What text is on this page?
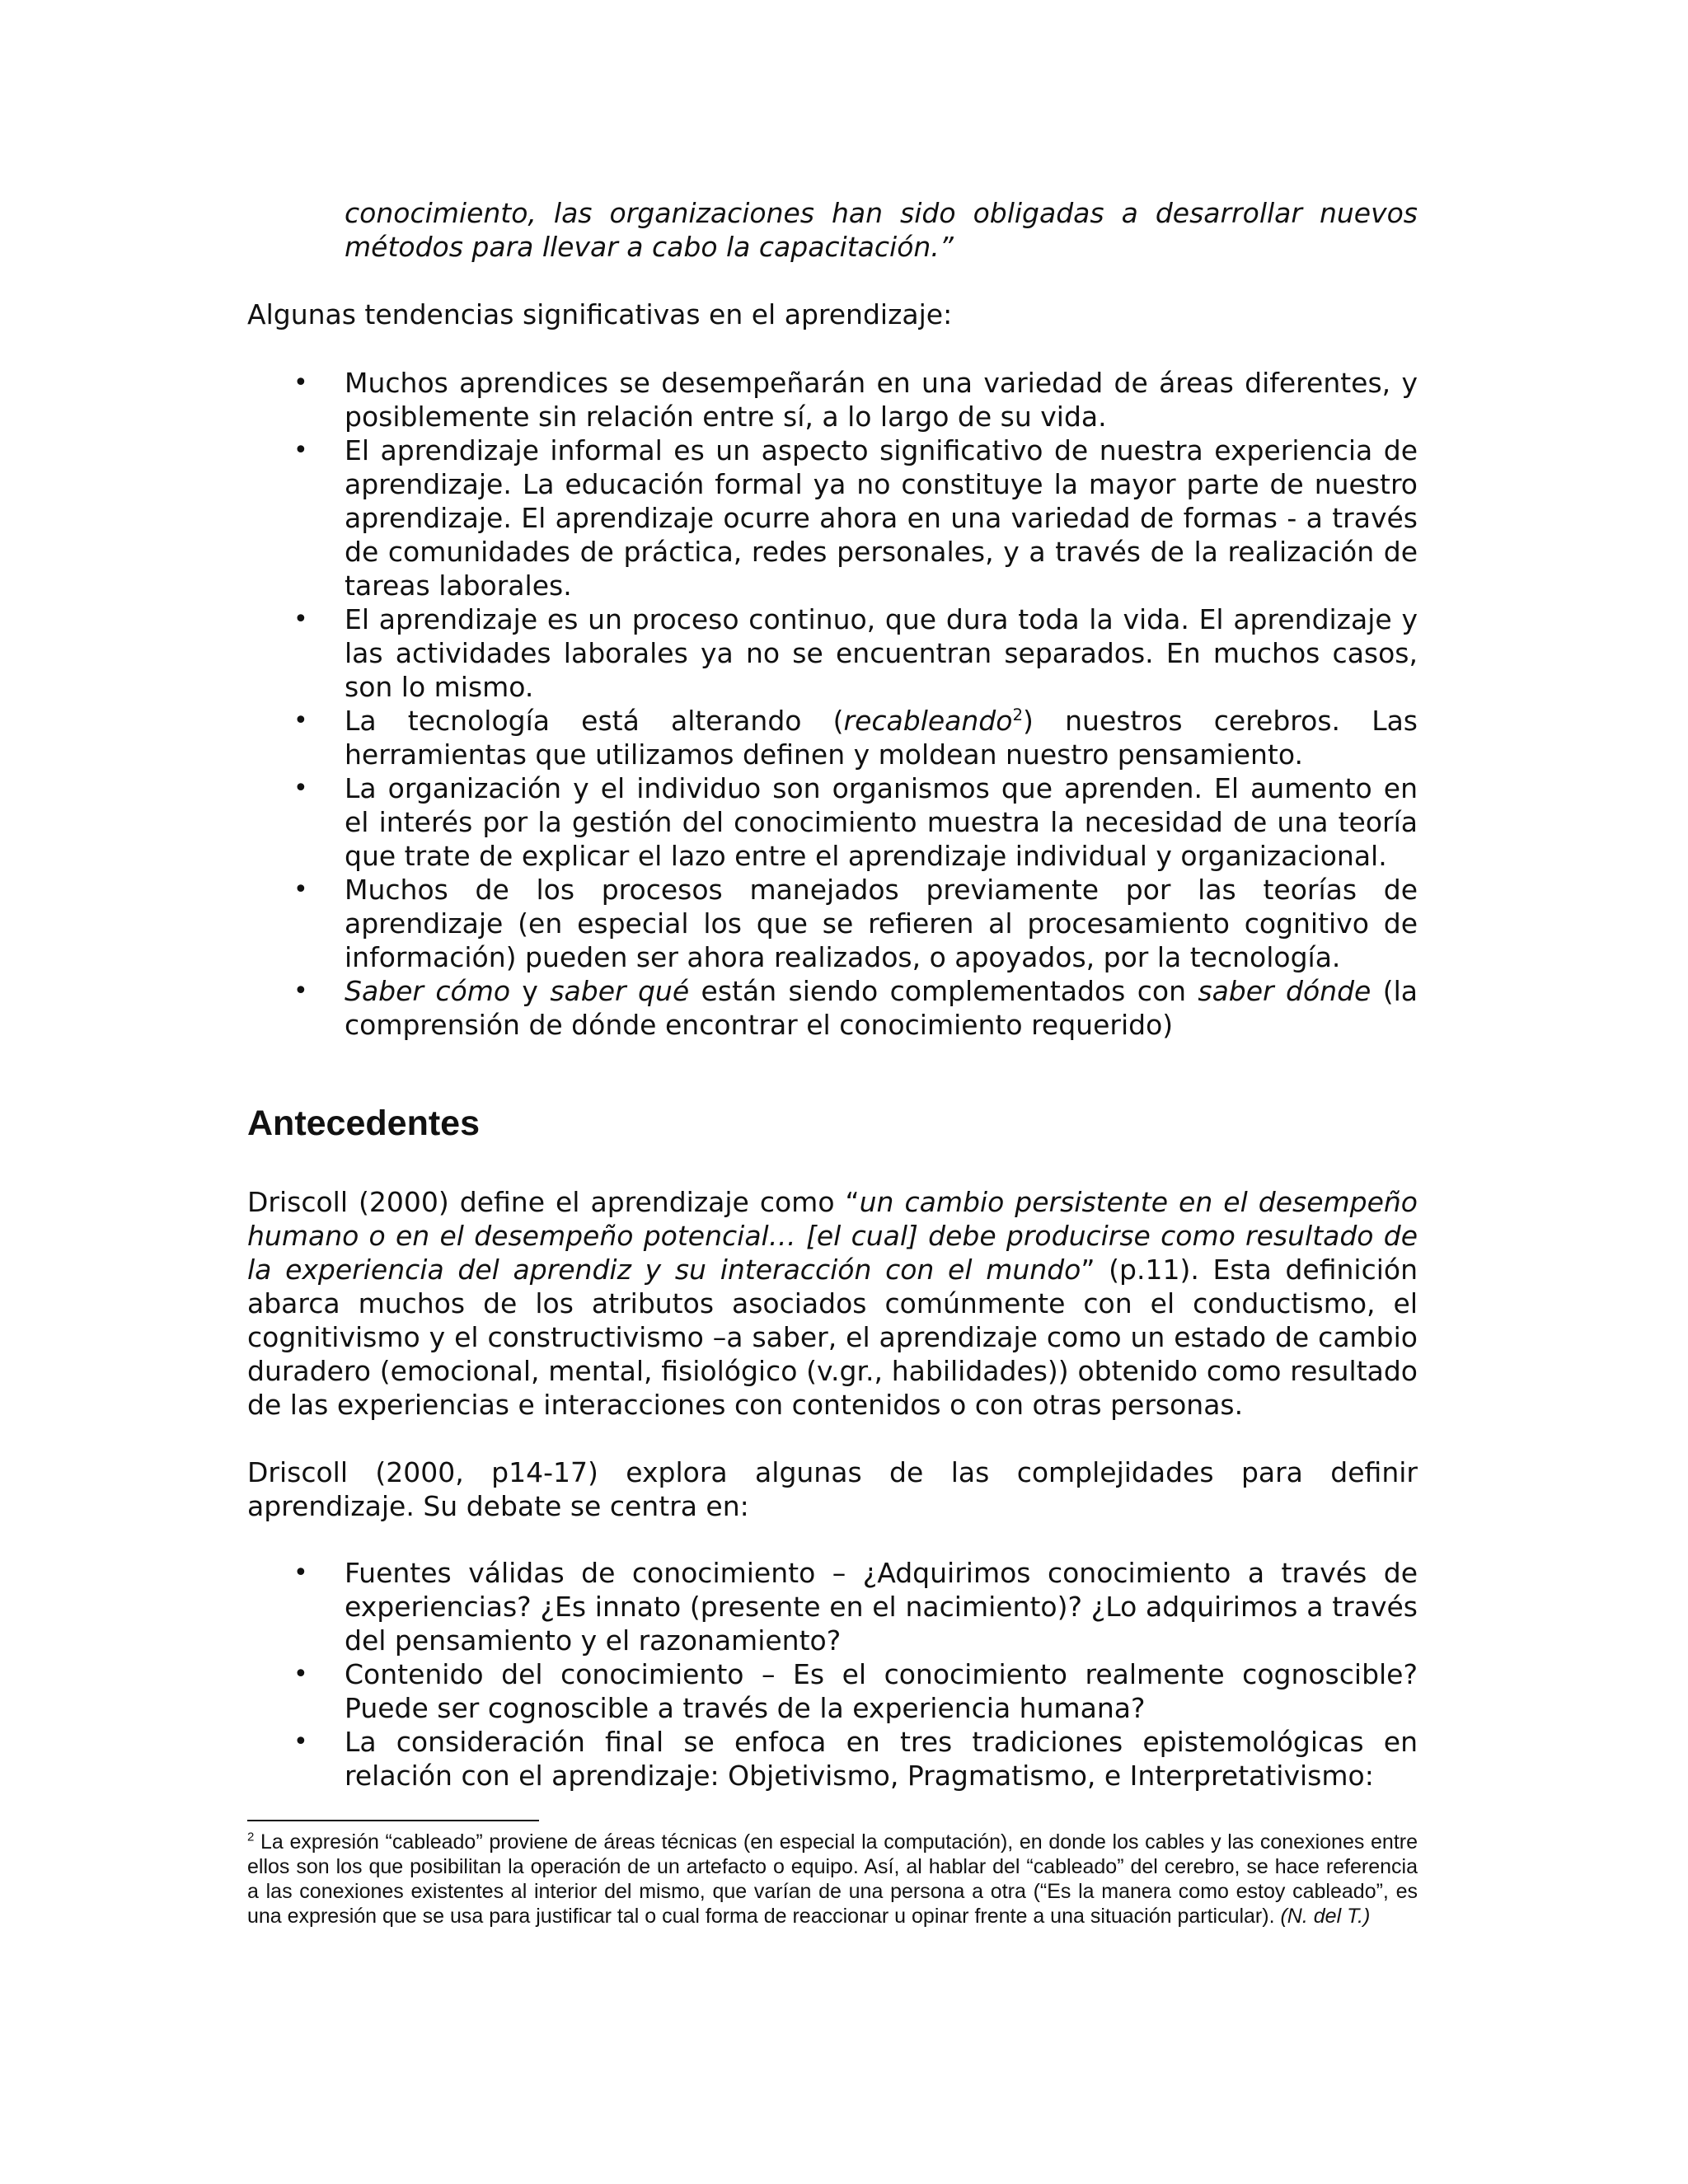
conocimiento, las organizaciones han sido obligadas a desarrollar nuevos métodos para llevar a cabo la capacitación.”
Algunas tendencias significativas en el aprendizaje:
• Muchos aprendices se desempeñarán en una variedad de áreas diferentes, y posiblemente sin relación entre sí, a lo largo de su vida.
• El aprendizaje informal es un aspecto significativo de nuestra experiencia de aprendizaje. La educación formal ya no constituye la mayor parte de nuestro aprendizaje. El aprendizaje ocurre ahora en una variedad de formas - a través de comunidades de práctica, redes personales, y a través de la realización de tareas laborales.
• El aprendizaje es un proceso continuo, que dura toda la vida. El aprendizaje y las actividades laborales ya no se encuentran separados. En muchos casos, son lo mismo.
• La tecnología está alterando (recableando$^2$) nuestros cerebros. Las herramientas que utilizamos definen y moldean nuestro pensamiento.
• La organización y el individuo son organismos que aprenden. El aumento en el interés por la gestión del conocimiento muestra la necesidad de una teoría que trate de explicar el lazo entre el aprendizaje individual y organizacional.
• Muchos de los procesos manejados previamente por las teorías de aprendizaje (en especial los que se refieren al procesamiento cognitivo de información) pueden ser ahora realizados, o apoyados, por la tecnología.
• Saber cómo y saber qué están siendo complementados con saber dónde (la comprensión de dónde encontrar el conocimiento requerido)
Antecedentes
Driscoll (2000) define el aprendizaje como “un cambio persistente en el desempeño humano o en el desempeño potencial… [el cual] debe producirse como resultado de la experiencia del aprendiz y su interacción con el mundo” (p.11). Esta definición abarca muchos de los atributos asociados comúnmente con el conductismo, el cognitivismo y el constructivismo –a saber, el aprendizaje como un estado de cambio duradero (emocional, mental, fisiológico (v.gr., habilidades)) obtenido como resultado de las experiencias e interacciones con contenidos o con otras personas.
Driscoll (2000, p14-17) explora algunas de las complejidades para definir aprendizaje. Su debate se centra en:
• Fuentes válidas de conocimiento – ¿Adquirimos conocimiento a través de experiencias? ¿Es innato (presente en el nacimiento)? ¿Lo adquirimos a través del pensamiento y el razonamiento?
• Contenido del conocimiento – Es el conocimiento realmente cognoscible? Puede ser cognoscible a través de la experiencia humana?
• La consideración final se enfoca en tres tradiciones epistemológicas en relación con el aprendizaje: Objetivismo, Pragmatismo, e Interpretativismo:
$^2$ La expresión “cableado” proviene de áreas técnicas (en especial la computación), en donde los cables y las conexiones entre ellos son los que posibilitan la operación de un artefacto o equipo. Así, al hablar del “cableado” del cerebro, se hace referencia a las conexiones existentes al interior del mismo, que varían de una persona a otra (“Es la manera como estoy cableado”, es una expresión que se usa para justificar tal o cual forma de reaccionar u opinar frente a una situación particular). (N. del T.)
